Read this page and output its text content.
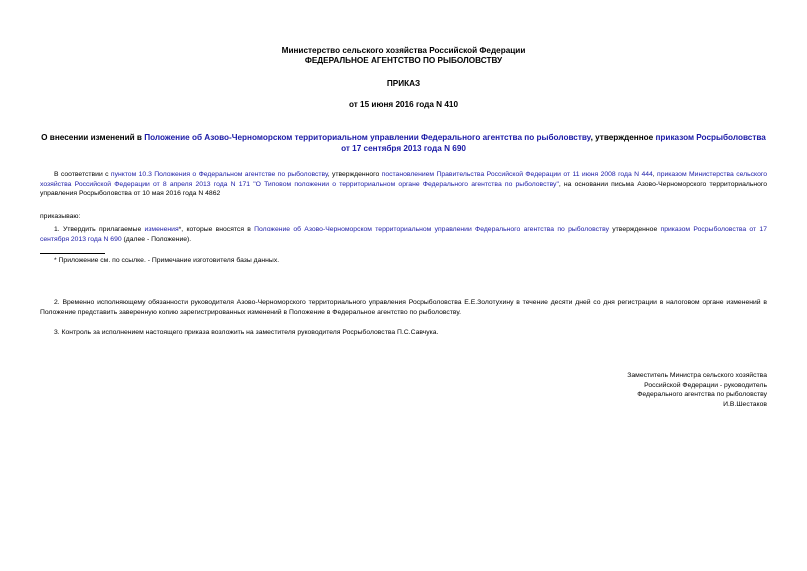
Министерство сельского хозяйства Российской Федерации
ФЕДЕРАЛЬНОЕ АГЕНТСТВО ПО РЫБОЛОВСТВУ
ПРИКАЗ
от 15 июня 2016 года N 410
О внесении изменений в Положение об Азово-Черноморском территориальном управлении Федерального агентства по рыболовству, утвержденное приказом Росрыболовства от 17 сентября 2013 года N 690
В соответствии с пунктом 10.3 Положения о Федеральном агентстве по рыболовству, утвержденного постановлением Правительства Российской Федерации от 11 июня 2008 года N 444, приказом Министерства сельского хозяйства Российской Федерации от 8 апреля 2013 года N 171 "О Типовом положении о территориальном органе Федерального агентства по рыболовству", на основании письма Азово-Черноморского территориального управления Росрыболовства от 10 мая 2016 года N 4862
приказываю:
1. Утвердить прилагаемые изменения*, которые вносятся в Положение об Азово-Черноморском территориальном управлении Федерального агентства по рыболовству утвержденное приказом Росрыболовства от 17 сентября 2013 года N 690 (далее - Положение).
* Приложение см. по ссылке. - Примечание изготовителя базы данных.
2. Временно исполняющему обязанности руководителя Азово-Черноморского территориального управления Росрыболовства Е.Е.Золотухину в течение десяти дней со дня регистрации в налоговом органе изменений в Положение представить заверенную копию зарегистрированных изменений в Положение в Федеральное агентство по рыболовству.
3. Контроль за исполнением настоящего приказа возложить на заместителя руководителя Росрыболовства П.С.Савчука.
Заместитель Министра сельского хозяйства
Российской Федерации - руководитель
Федерального агентства по рыболовству
И.В.Шестаков
